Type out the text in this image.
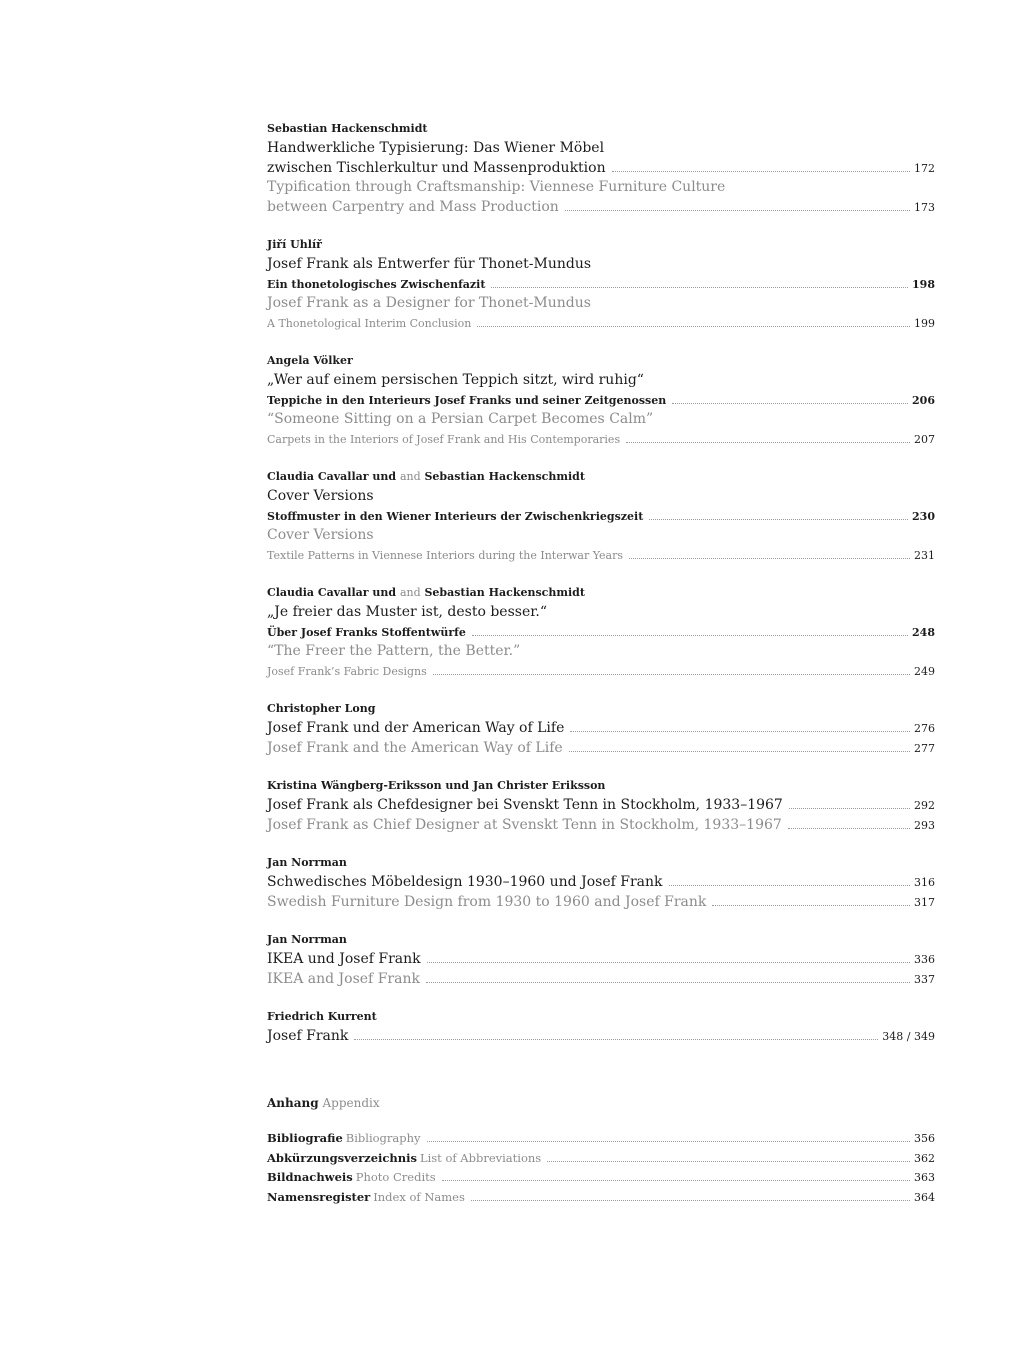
Sebastian Hackenschmidt
Handwerkliche Typisierung: Das Wiener Möbel
zwischen Tischlerkultur und Massenproduktion	172
Typification through Craftsmanship: Viennese Furniture Culture
between Carpentry and Mass Production	173
Jiří Uhlíř
Josef Frank als Entwerfer für Thonet-Mundus
Ein thonetologisches Zwischenfazit	198
Josef Frank as a Designer for Thonet-Mundus
A Thonetological Interim Conclusion	199
Angela Völker
„Wer auf einem persischen Teppich sitzt, wird ruhig“
Teppiche in den Interieurs Josef Franks und seiner Zeitgenossen	206
“Someone Sitting on a Persian Carpet Becomes Calm”
Carpets in the Interiors of Josef Frank and His Contemporaries	207
Claudia Cavallar und and Sebastian Hackenschmidt
Cover Versions
Stoffmuster in den Wiener Interieurs der Zwischenkriegszeit	230
Cover Versions
Textile Patterns in Viennese Interiors during the Interwar Years	231
Claudia Cavallar und and Sebastian Hackenschmidt
„Je freier das Muster ist, desto besser.“
Über Josef Franks Stoffentwürfe	248
“The Freer the Pattern, the Better.”
Josef Frank’s Fabric Designs	249
Christopher Long
Josef Frank und der American Way of Life	276
Josef Frank and the American Way of Life	277
Kristina Wängberg-Eriksson und Jan Christer Eriksson
Josef Frank als Chefdesigner bei Svenskt Tenn in Stockholm, 1933–1967	292
Josef Frank as Chief Designer at Svenskt Tenn in Stockholm, 1933–1967	293
Jan Norrman
Schwedisches Möbeldesign 1930–1960 und Josef Frank	316
Swedish Furniture Design from 1930 to 1960 and Josef Frank	317
Jan Norrman
IKEA und Josef Frank	336
IKEA and Josef Frank	337
Friedrich Kurrent
Josef Frank	348 / 349
Anhang Appendix
Bibliografie Bibliography	356
Abkürzungsverzeichnis List of Abbreviations	362
Bildnachweis Photo Credits	363
Namensregister Index of Names	364
